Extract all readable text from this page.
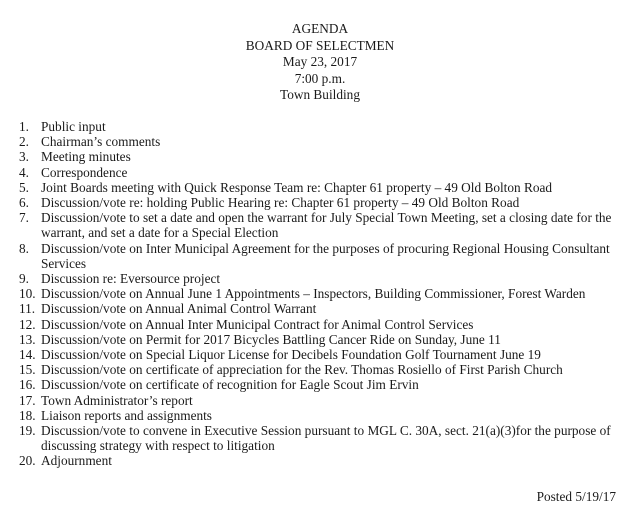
AGENDA
BOARD OF SELECTMEN
May 23, 2017
7:00 p.m.
Town Building
1. Public input
2. Chairman’s comments
3. Meeting minutes
4. Correspondence
5. Joint Boards meeting with Quick Response Team re: Chapter 61 property – 49 Old Bolton Road
6. Discussion/vote re: holding Public Hearing re: Chapter 61 property – 49 Old Bolton Road
7. Discussion/vote to set a date and open the warrant for July Special Town Meeting, set a closing date for the warrant, and set a date for a Special Election
8. Discussion/vote on Inter Municipal Agreement for the purposes of procuring Regional Housing Consultant Services
9. Discussion re: Eversource project
10. Discussion/vote on Annual June 1 Appointments – Inspectors, Building Commissioner, Forest Warden
11. Discussion/vote on Annual Animal Control Warrant
12. Discussion/vote on Annual Inter Municipal Contract for Animal Control Services
13. Discussion/vote on Permit for 2017 Bicycles Battling Cancer Ride on Sunday, June 11
14. Discussion/vote on Special Liquor License for Decibels Foundation Golf Tournament June 19
15. Discussion/vote on certificate of appreciation for the Rev. Thomas Rosiello of First Parish Church
16. Discussion/vote on certificate of recognition for Eagle Scout Jim Ervin
17. Town Administrator’s report
18. Liaison reports and assignments
19. Discussion/vote to convene in Executive Session pursuant to MGL C. 30A, sect. 21(a)(3)for the purpose of discussing strategy with respect to litigation
20. Adjournment
Posted 5/19/17
